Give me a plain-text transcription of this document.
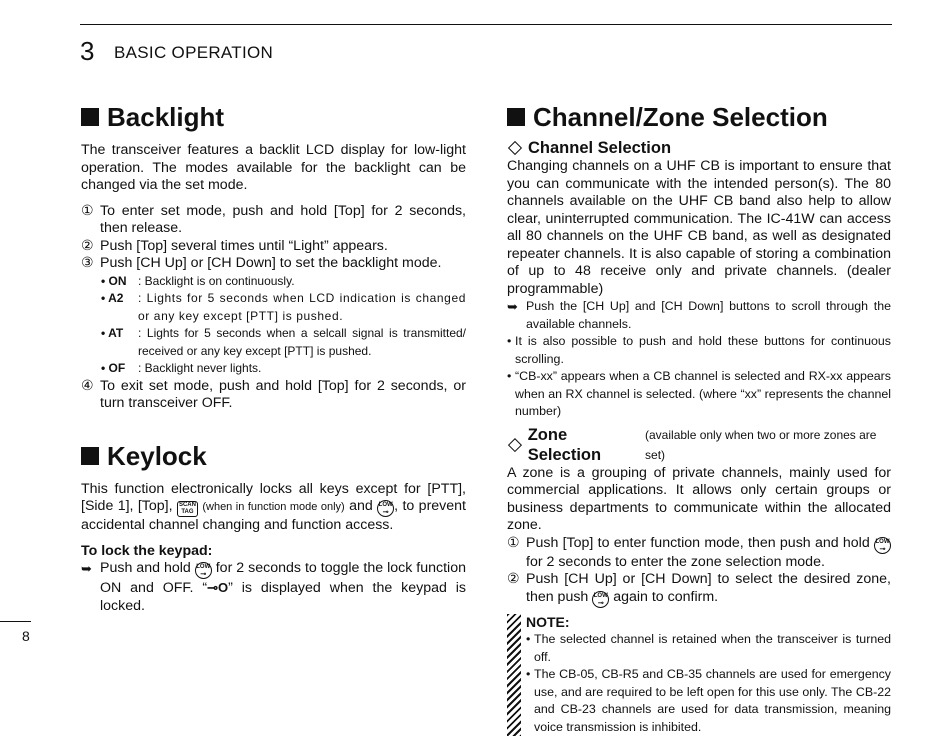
3 BASIC OPERATION
Backlight

The transceiver features a backlit LCD display for low-light operation. The modes available for the backlight can be changed via the set mode.

① To enter set mode, push and hold [Top] for 2 seconds, then release.
② Push [Top] several times until “Light” appears.
③ Push [CH Up] or [CH Down] to set the backlight mode.
• ON : Backlight is on continuously.
• A2	: Lights for 5 seconds when LCD indication is changed or any key except [PTT] is pushed.
• AT	: Lights for 5 seconds when a selcall signal is transmitted/ received or any key except [PTT] is pushed.
• OF	: Backlight never lights.
④ To exit set mode, push and hold [Top] for 2 seconds, or turn transceiver OFF.
Keylock

This function electronically locks all keys except for [PTT], [Side 1], [Top], SCAN
TAG (when in function mode only) and LOW
⊸ , to prevent accidental channel changing and function access.

To lock the keypad:
➥ Push and hold LOW
⊸ for 2 seconds to toggle the lock function ON and OFF. “⊸O” is displayed when the keypad is locked.
Channel/Zone Selection
Channel Selection

Changing channels on a UHF CB is important to ensure that you can communicate with the intended person(s). The 80 channels available on the UHF CB band also help to allow clear, uninterrupted communication. The IC-41W can access all 80 channels on the UHF CB band, as well as designated repeater channels. It is also capable of storing a combination of up to 48 receive only and private channels. (dealer programmable)

➥ Push the [CH Up] and [CH Down] buttons to scroll through the available channels.
• It is also possible to push and hold these buttons for continuous scrolling.
• “CB-xx” appears when a CB channel is selected and RX-xx appears when an RX channel is selected. (where “xx” represents the channel number)
Zone Selection
(available only when two or more zones are set)

A zone is a grouping of private channels, mainly used for commercial applications. It allows only certain groups or business departments to communicate within the allocated zone.

① Push [Top] to enter function mode, then push and hold LOW
⊸
for 2 seconds to enter the zone selection mode.
② Push [CH Up] or [CH Down] to select the desired zone, then push LOW
⊸ again to confirm.
NOTE:
• The selected channel is retained when the transceiver is turned off.
• The CB-05, CB-R5 and CB-35 channels are used for emergency use, and are required to be left open for this use only. The CB-22 and CB-23 channels are used for data transmission, meaning voice transmission is inhibited.
8
